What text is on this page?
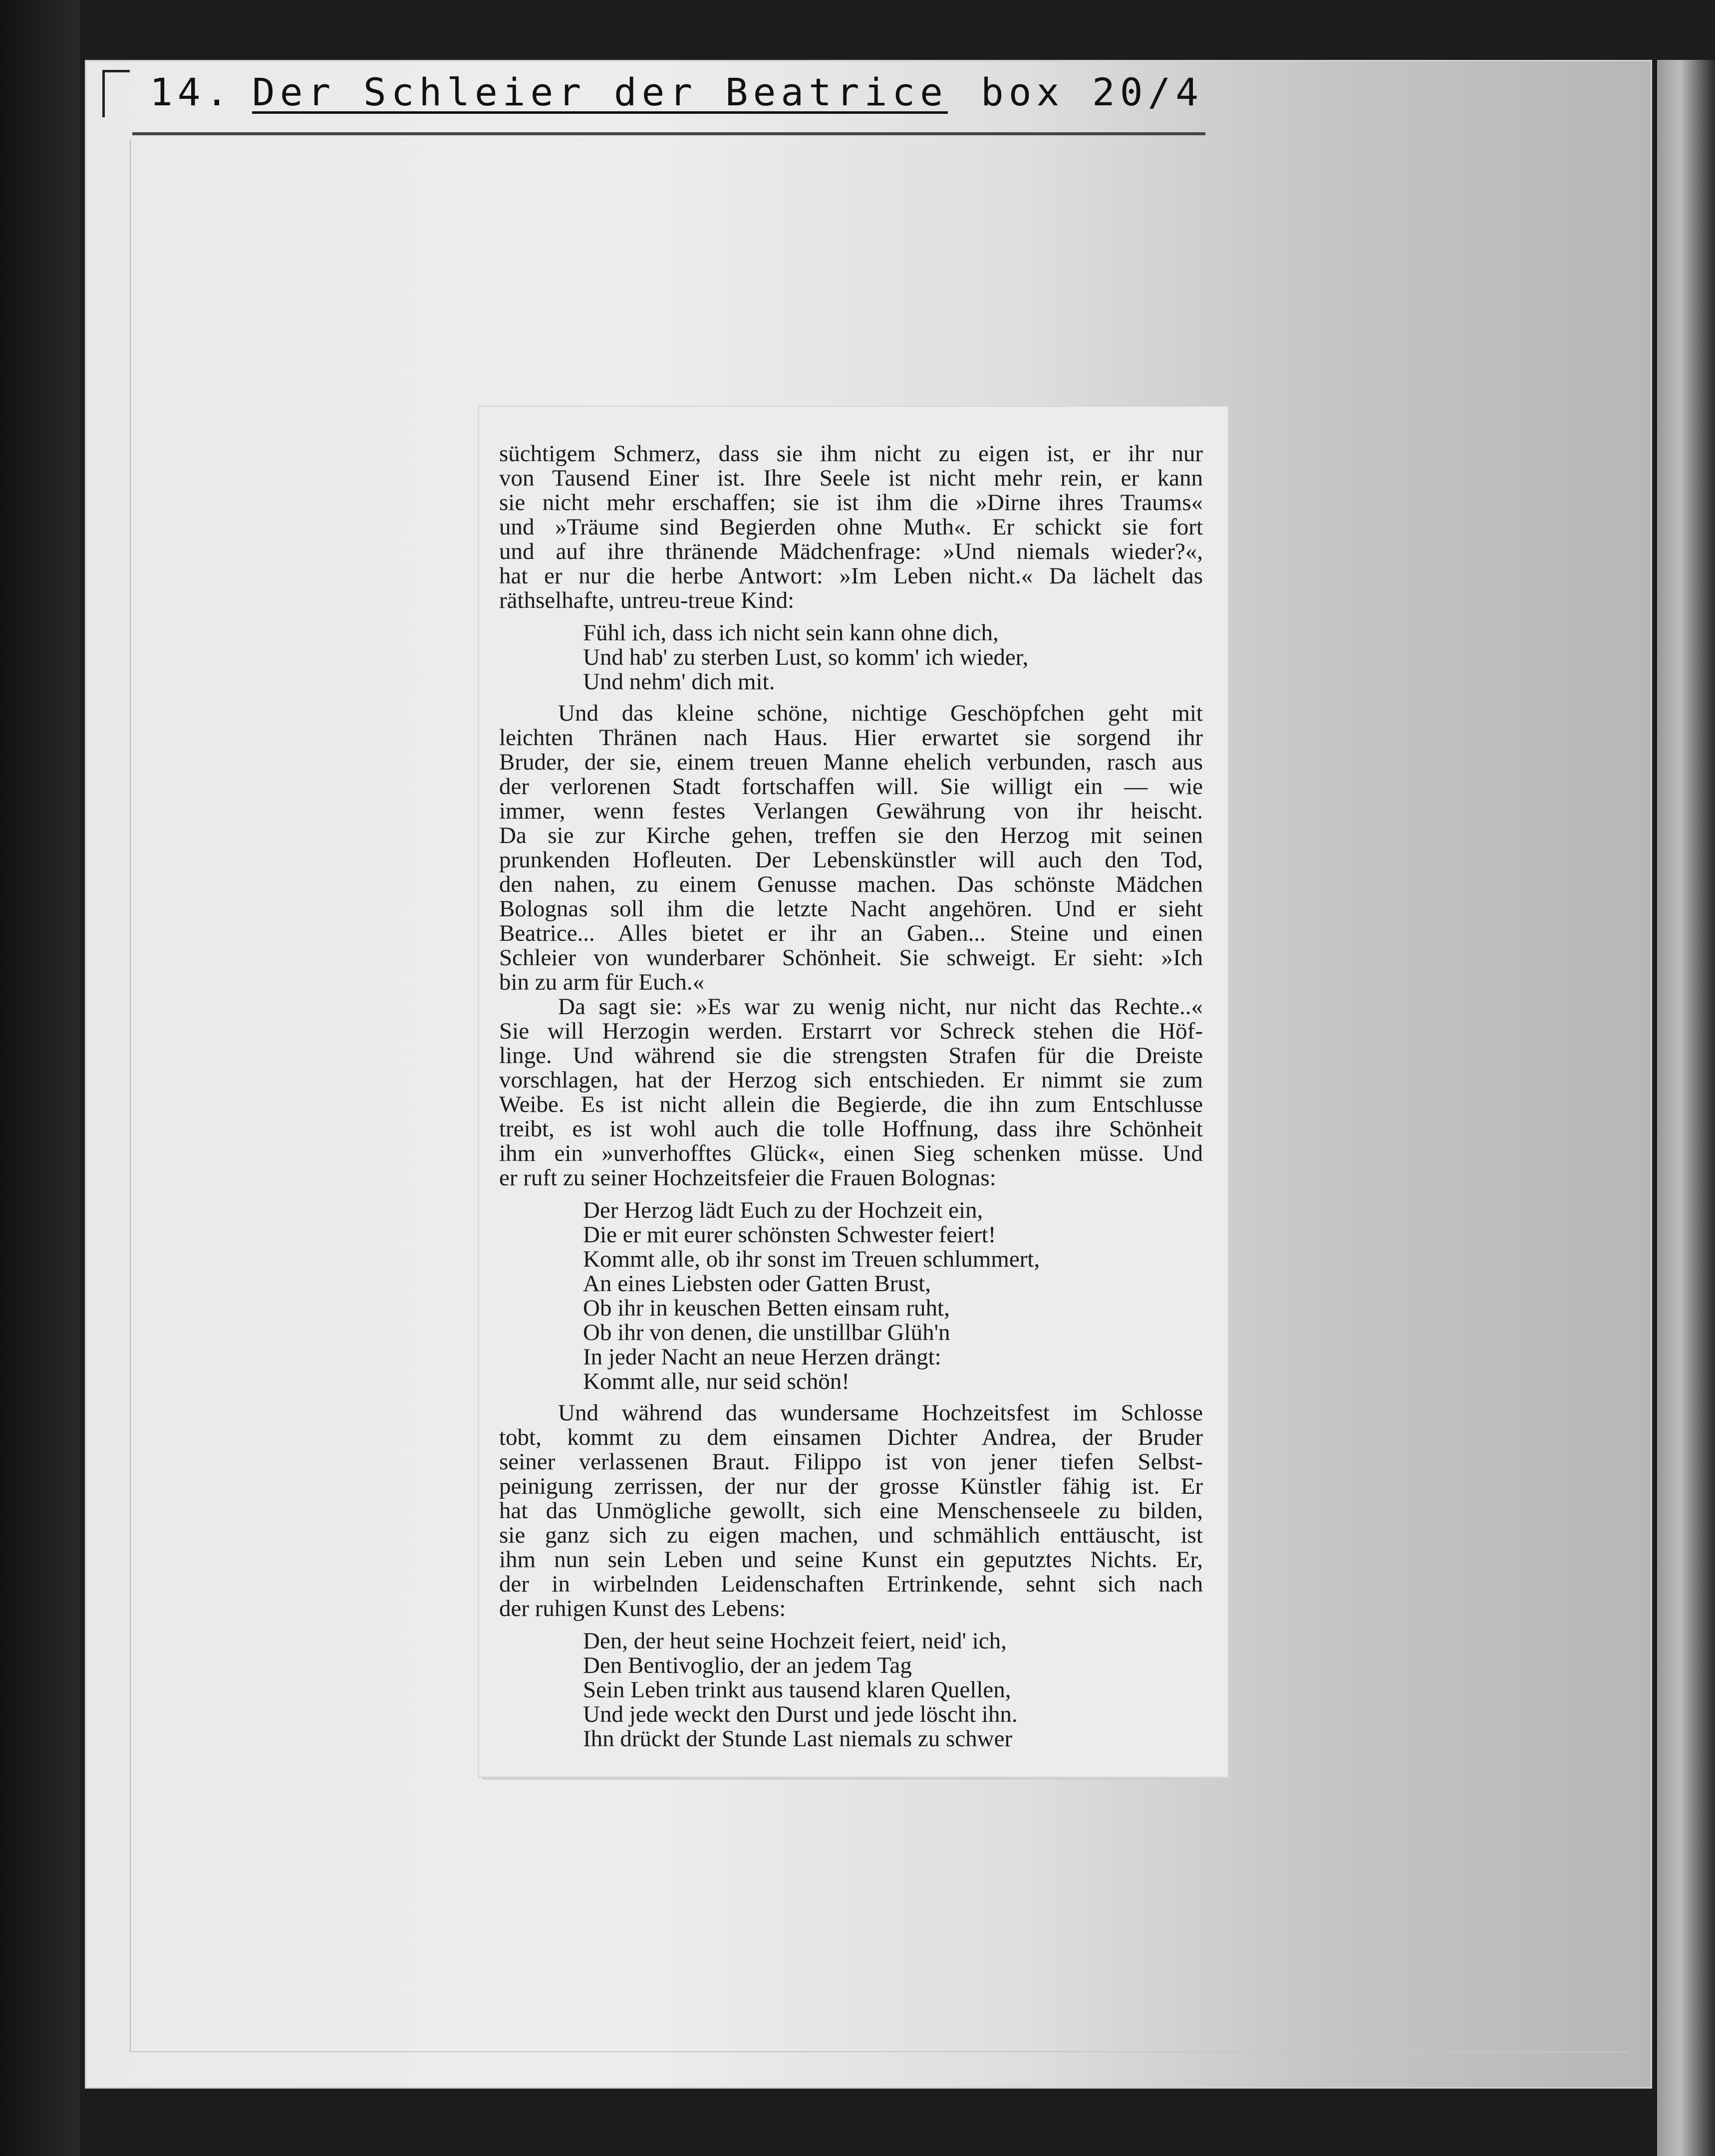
14. Der Schleier der Beatrice box 20/4

süchtigem Schmerz, dass sie ihm nicht zu eigen ist, er ihr nur

von Tausend Einer ist. Ihre Seele ist nicht mehr rein, er kann

sie nicht mehr erschaffen; sie ist ihm die »Dirne ihres Traums«

und »Träume sind Begierden ohne Muth«. Er schickt sie fort

und auf ihre thränende Mädchenfrage: »Und niemals wieder?«,

hat er nur die herbe Antwort: »Im Leben nicht.« Da lächelt das

räthselhafte, untreu-treue Kind:

Fühl ich, dass ich nicht sein kann ohne dich,
Und hab' zu sterben Lust, so komm' ich wieder,
Und nehm' dich mit.

Und das kleine schöne, nichtige Geschöpfchen geht mit

leichten Thränen nach Haus. Hier erwartet sie sorgend ihr

Bruder, der sie, einem treuen Manne ehelich verbunden, rasch aus

der verlorenen Stadt fortschaffen will. Sie willigt ein — wie

immer, wenn festes Verlangen Gewährung von ihr heischt.

Da sie zur Kirche gehen, treffen sie den Herzog mit seinen

prunkenden Hofleuten. Der Lebenskünstler will auch den Tod,

den nahen, zu einem Genusse machen. Das schönste Mädchen

Bolognas soll ihm die letzte Nacht angehören. Und er sieht

Beatrice... Alles bietet er ihr an Gaben... Steine und einen

Schleier von wunderbarer Schönheit. Sie schweigt. Er sieht: »Ich

bin zu arm für Euch.«

Da sagt sie: »Es war zu wenig nicht, nur nicht das Rechte..«

Sie will Herzogin werden. Erstarrt vor Schreck stehen die Höf-

linge. Und während sie die strengsten Strafen für die Dreiste

vorschlagen, hat der Herzog sich entschieden. Er nimmt sie zum

Weibe. Es ist nicht allein die Begierde, die ihn zum Entschlusse

treibt, es ist wohl auch die tolle Hoffnung, dass ihre Schönheit

ihm ein »unverhofftes Glück«, einen Sieg schenken müsse. Und

er ruft zu seiner Hochzeitsfeier die Frauen Bolognas:

Der Herzog lädt Euch zu der Hochzeit ein,
Die er mit eurer schönsten Schwester feiert!
Kommt alle, ob ihr sonst im Treuen schlummert,
An eines Liebsten oder Gatten Brust,
Ob ihr in keuschen Betten einsam ruht,
Ob ihr von denen, die unstillbar Glüh'n
In jeder Nacht an neue Herzen drängt:
Kommt alle, nur seid schön!

Und während das wundersame Hochzeitsfest im Schlosse

tobt, kommt zu dem einsamen Dichter Andrea, der Bruder

seiner verlassenen Braut. Filippo ist von jener tiefen Selbst-

peinigung zerrissen, der nur der grosse Künstler fähig ist. Er

hat das Unmögliche gewollt, sich eine Menschenseele zu bilden,

sie ganz sich zu eigen machen, und schmählich enttäuscht, ist

ihm nun sein Leben und seine Kunst ein geputztes Nichts. Er,

der in wirbelnden Leidenschaften Ertrinkende, sehnt sich nach

der ruhigen Kunst des Lebens:

Den, der heut seine Hochzeit feiert, neid' ich,
Den Bentivoglio, der an jedem Tag
Sein Leben trinkt aus tausend klaren Quellen,
Und jede weckt den Durst und jede löscht ihn.
Ihn drückt der Stunde Last niemals zu schwer
